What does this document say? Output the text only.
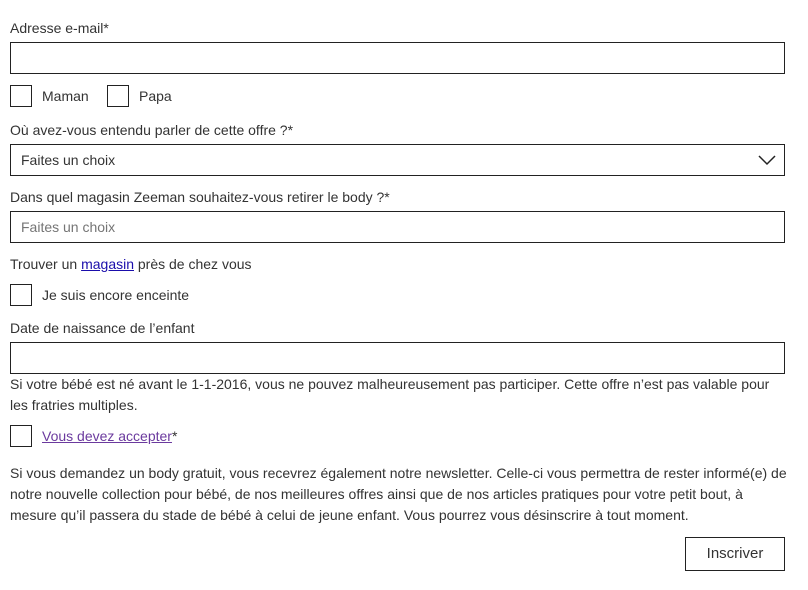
Adresse e-mail*
Maman	Papa
Où avez-vous entendu parler de cette offre ?*
Faites un choix
Dans quel magasin Zeeman souhaitez-vous retirer le body ?*
Faites un choix
Trouver un magasin près de chez vous
Je suis encore enceinte
Date de naissance de l’enfant
Si votre bébé est né avant le 1-1-2016, vous ne pouvez malheureusement pas participer. Cette offre n’est pas valable pour les fratries multiples.
Vous devez accepter*
Si vous demandez un body gratuit, vous recevrez également notre newsletter. Celle-ci vous permettra de rester informé(e) de notre nouvelle collection pour bébé, de nos meilleures offres ainsi que de nos articles pratiques pour votre petit bout, à mesure qu’il passera du stade de bébé à celui de jeune enfant. Vous pourrez vous désinscrire à tout moment.
Inscriver
